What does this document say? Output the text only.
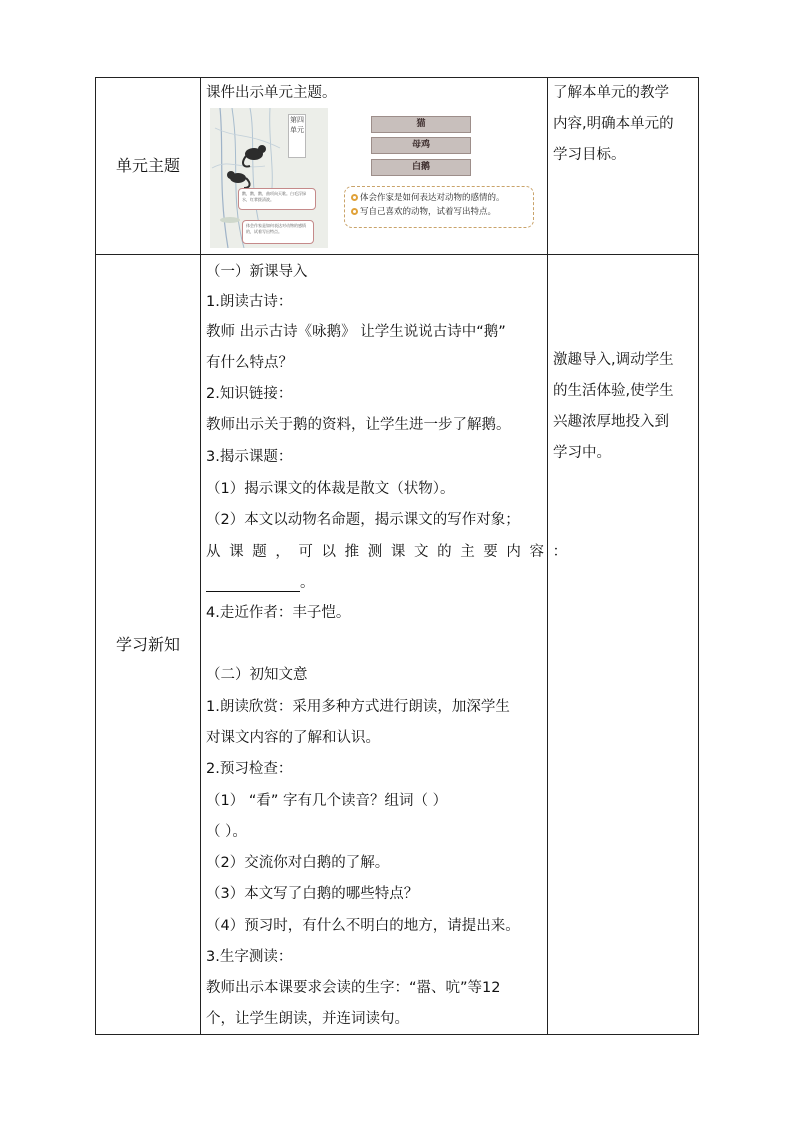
单元主题
课件出示单元主题。
第四单元
鹅，鹅，鹅，曲项向天歌。白毛浮绿水，红掌拨清波。
体会作家是如何表达对动物的感情的，试着写出特点。
猫
母鸡
白鹅
体会作家是如何表达对动物的感情的。
写自己喜欢的动物，试着写出特点。
了解本单元的教学
内容,明确本单元的
学习目标。
学习新知
（一）新课导入
1.朗读古诗：
教师 出示古诗《咏鹅》 让学生说说古诗中“鹅”
有什么特点？
2.知识链接：
教师出示关于鹅的资料，让学生进一步了解鹅。
3.揭示课题：
（1）揭示课文的体裁是散文（状物）。
（2）本文以动物名命题，揭示课文的写作对象；
从 课 题 ， 可 以 推 测 课 文 的 主 要 内 容 ：
。
4.走近作者：丰子恺。
（二）初知文意
1.朗读欣赏：采用多种方式进行朗读，加深学生
对课文内容的了解和认识。
2.预习检查：
（1） “看” 字有几个读音？组词（ ）
（ ）。
（2）交流你对白鹅的了解。
（3）本文写了白鹅的哪些特点？
（4）预习时，有什么不明白的地方，请提出来。
3.生字测读：
教师出示本课要求会读的生字：“嚣、吭”等12
个，让学生朗读，并连词读句。
激趣导入,调动学生
的生活体验,使学生
兴趣浓厚地投入到
学习中。
